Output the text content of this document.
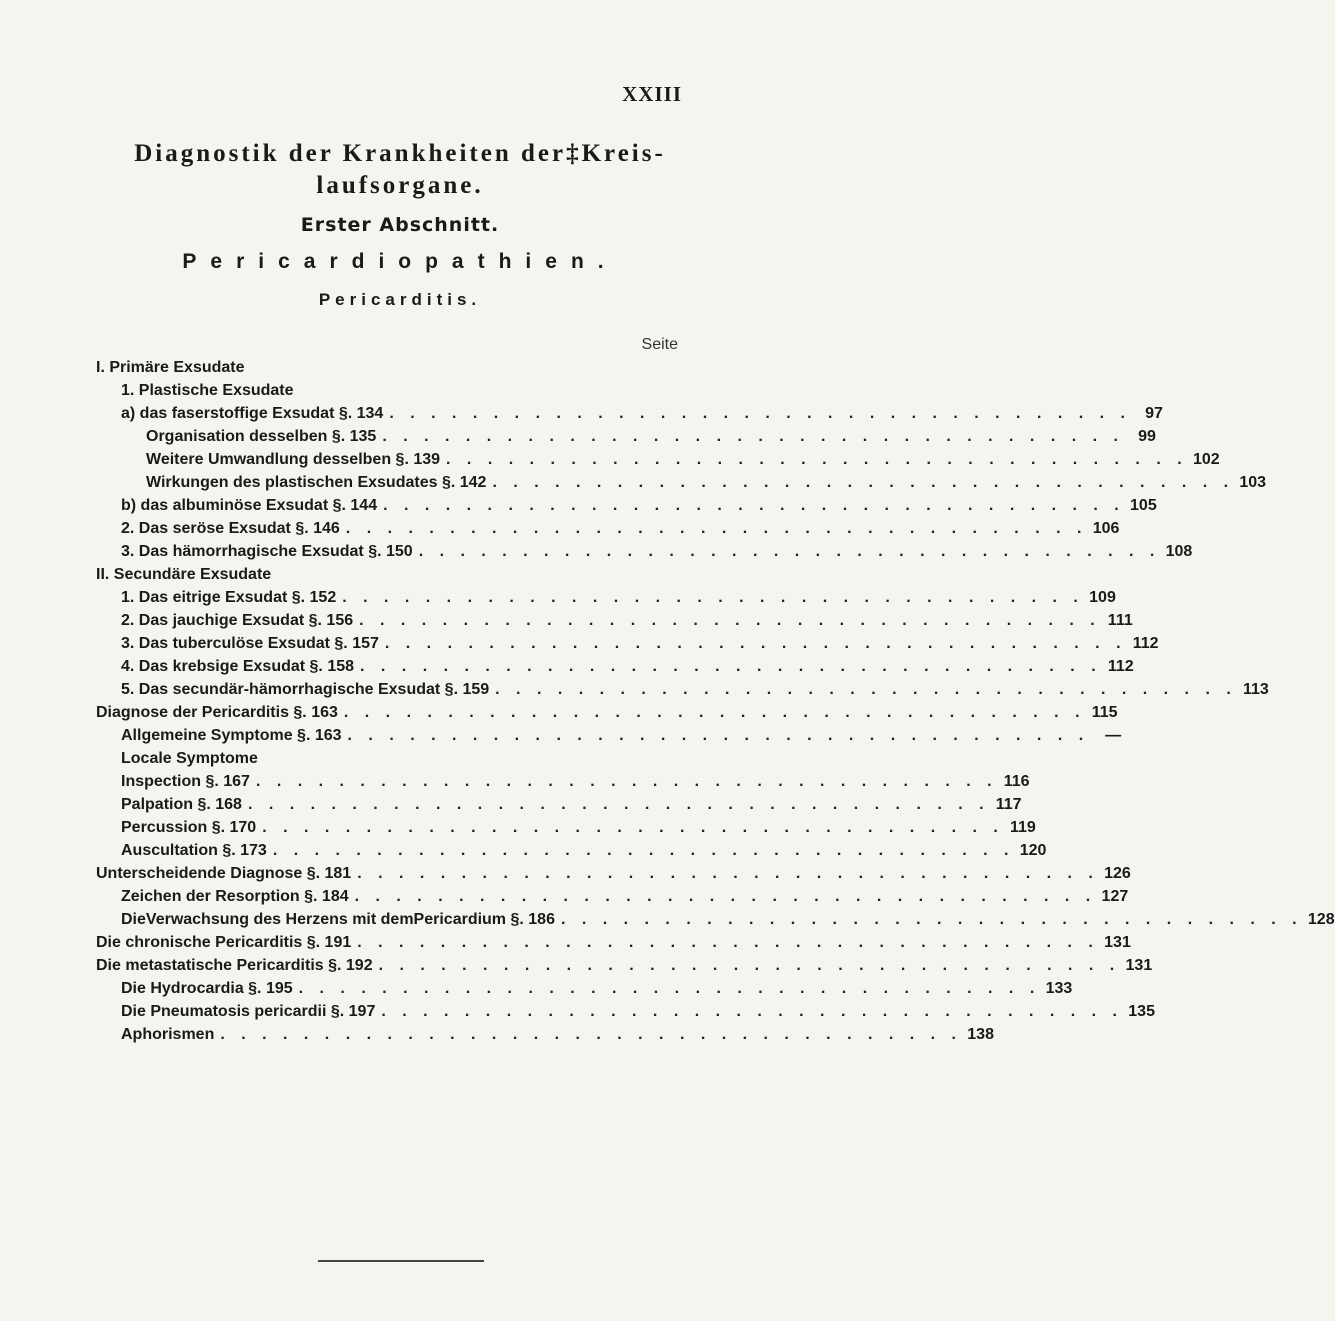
XXIII
Diagnostik der Krankheiten der‡Kreis-
laufsorgane.
Erster Abschnitt.
Pericardiopathien.
Pericarditis.
Seite
I. Primäre Exsudate
1. Plastische Exsudate
a) das faserstoffige Exsudat §. 134 . . . . . . . . . . . . . . . . . . . . . . . . . . . . . . . . . . . . 97
Organisation desselben §. 135 . . . . . . . . . . . . . . . . . . . . . . . . . . . . . . . . . . . . 99
Weitere Umwandlung desselben §. 139 . . . . . . . . . . . . . . . . . . . . . . . . . . . . . . . . . . . . 102
Wirkungen des plastischen Exsudates §. 142 . . . . . . . . . . . . . . . . . . . . . . . . . . . . . . . . . . . . 103
b) das albuminöse Exsudat §. 144 . . . . . . . . . . . . . . . . . . . . . . . . . . . . . . . . . . . . 105
2. Das seröse Exsudat §. 146 . . . . . . . . . . . . . . . . . . . . . . . . . . . . . . . . . . . . 106
3. Das hämorrhagische Exsudat §. 150 . . . . . . . . . . . . . . . . . . . . . . . . . . . . . . . . . . . . 108
II. Secundäre Exsudate
1. Das eitrige Exsudat §. 152 . . . . . . . . . . . . . . . . . . . . . . . . . . . . . . . . . . . . 109
2. Das jauchige Exsudat §. 156 . . . . . . . . . . . . . . . . . . . . . . . . . . . . . . . . . . . . 111
3. Das tuberculöse Exsudat §. 157 . . . . . . . . . . . . . . . . . . . . . . . . . . . . . . . . . . . . 112
4. Das krebsige Exsudat §. 158 . . . . . . . . . . . . . . . . . . . . . . . . . . . . . . . . . . . . 112
5. Das secundär-hämorrhagische Exsudat §. 159 . . . . . . . . . . . . . . . . . . . . . . . . . . . . . . . . . . . . 113
Diagnose der Pericarditis §. 163 . . . . . . . . . . . . . . . . . . . . . . . . . . . . . . . . . . . . 115
Allgemeine Symptome §. 163 . . . . . . . . . . . . . . . . . . . . . . . . . . . . . . . . . . . .	—
Locale Symptome
Inspection §. 167 . . . . . . . . . . . . . . . . . . . . . . . . . . . . . . . . . . . . 116
Palpation §. 168 . . . . . . . . . . . . . . . . . . . . . . . . . . . . . . . . . . . . 117
Percussion §. 170 . . . . . . . . . . . . . . . . . . . . . . . . . . . . . . . . . . . . 119
Auscultation §. 173 . . . . . . . . . . . . . . . . . . . . . . . . . . . . . . . . . . . . 120
Unterscheidende Diagnose §. 181 . . . . . . . . . . . . . . . . . . . . . . . . . . . . . . . . . . . . 126
Zeichen der Resorption §. 184 . . . . . . . . . . . . . . . . . . . . . . . . . . . . . . . . . . . . 127
DieVerwachsung des Herzens mit demPericardium §. 186 . . . . . . . . . . . . . . . . . . . . . . . . . . . . . . . . . . . . 128
Die chronische Pericarditis §. 191 . . . . . . . . . . . . . . . . . . . . . . . . . . . . . . . . . . . . 131
Die metastatische Pericarditis §. 192 . . . . . . . . . . . . . . . . . . . . . . . . . . . . . . . . . . . . 131
Die Hydrocardia §. 195 . . . . . . . . . . . . . . . . . . . . . . . . . . . . . . . . . . . . 133
Die Pneumatosis pericardii §. 197 . . . . . . . . . . . . . . . . . . . . . . . . . . . . . . . . . . . . 135
Aphorismen . . . . . . . . . . . . . . . . . . . . . . . . . . . . . . . . . . . . 138
